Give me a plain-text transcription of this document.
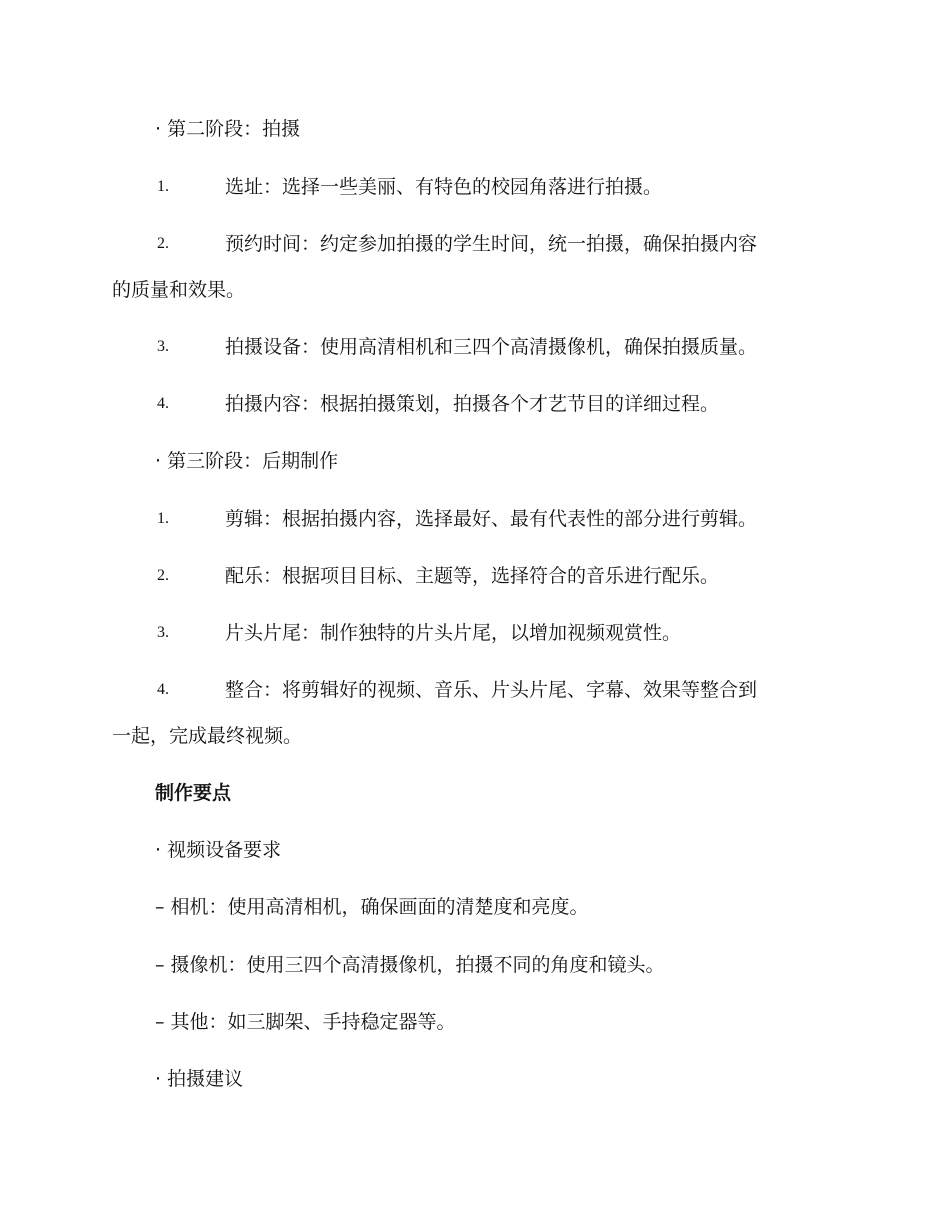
· 第二阶段：拍摄
1.	选址：选择一些美丽、有特色的校园角落进行拍摄。
2.	预约时间：约定参加拍摄的学生时间，统一拍摄，确保拍摄内容
的质量和效果。
3.	拍摄设备：使用高清相机和三四个高清摄像机，确保拍摄质量。
4.	拍摄内容：根据拍摄策划，拍摄各个才艺节目的详细过程。
· 第三阶段：后期制作
1.	剪辑：根据拍摄内容，选择最好、最有代表性的部分进行剪辑。
2.	配乐：根据项目目标、主题等，选择符合的音乐进行配乐。
3.	片头片尾：制作独特的片头片尾，以增加视频观赏性。
4.	整合：将剪辑好的视频、音乐、片头片尾、字幕、效果等整合到
一起，完成最终视频。
制作要点
· 视频设备要求
– 相机：使用高清相机，确保画面的清楚度和亮度。
– 摄像机：使用三四个高清摄像机，拍摄不同的角度和镜头。
– 其他：如三脚架、手持稳定器等。
· 拍摄建议
